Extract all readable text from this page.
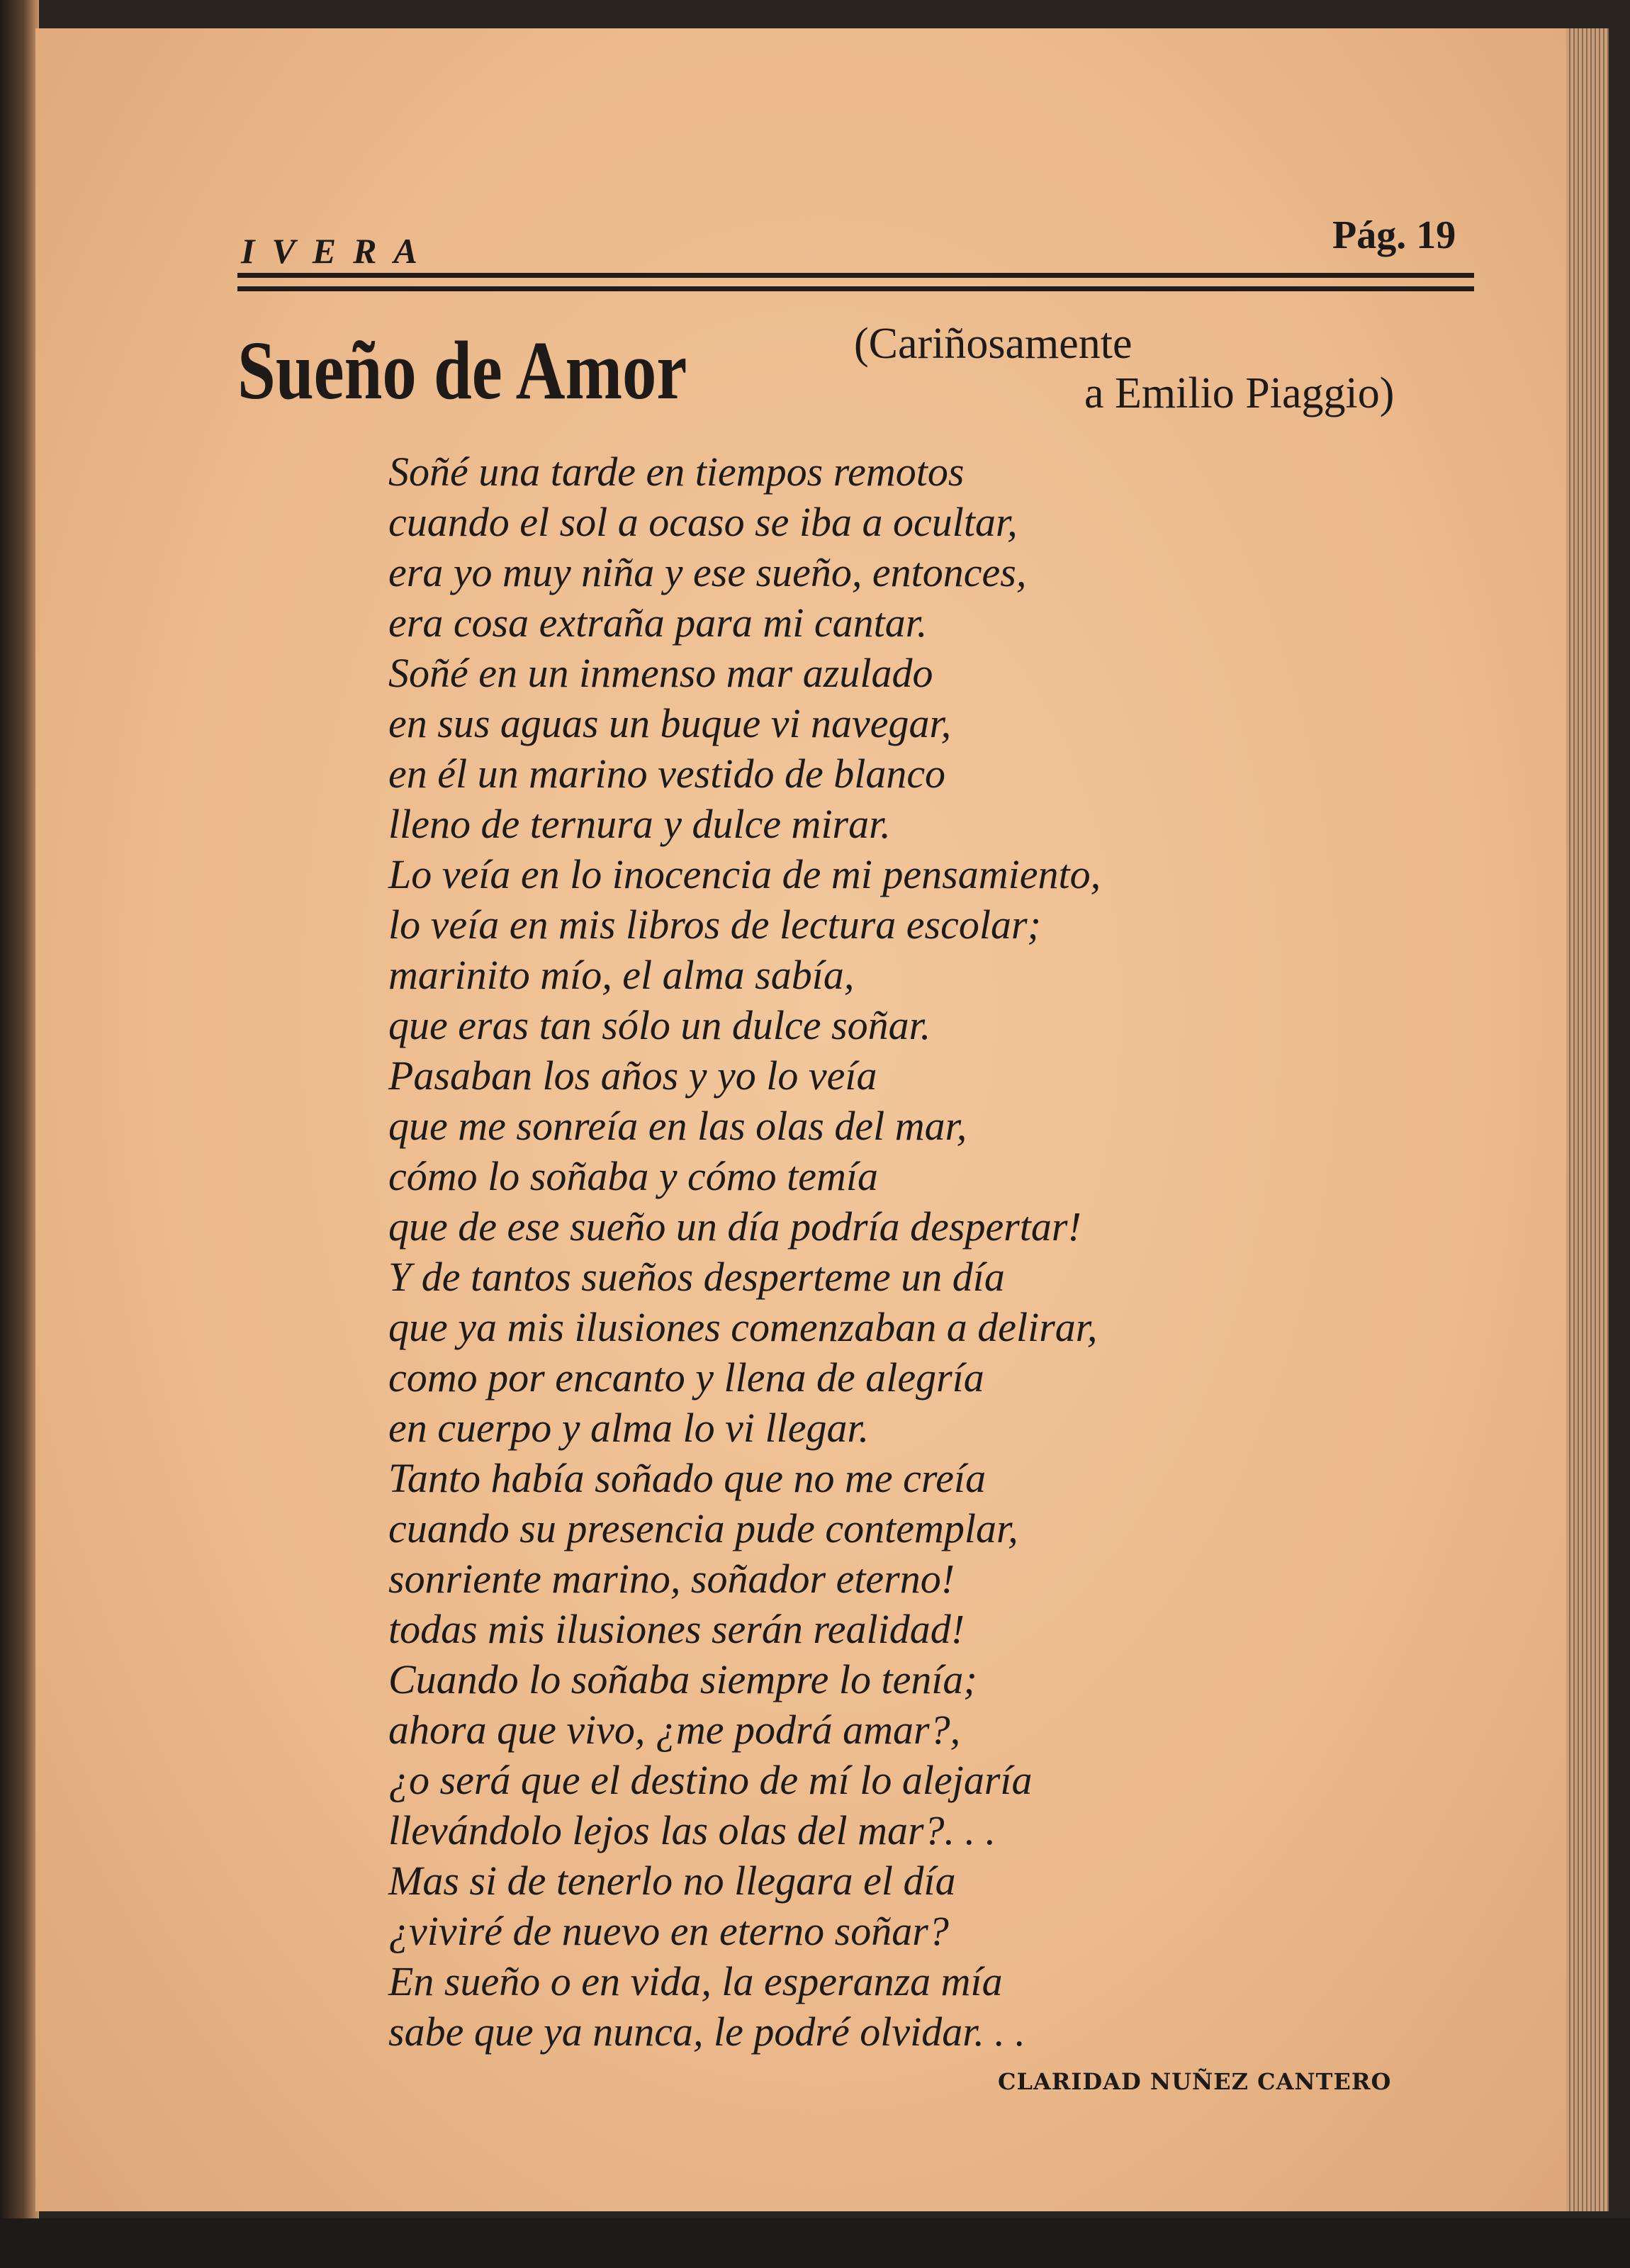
IVERA	Pág. 19
Sueño de Amor	(Cariñosamente
a Emilio Piaggio)
Soñé una tarde en tiempos remotos
cuando el sol a ocaso se iba a ocultar,
era yo muy niña y ese sueño, entonces,
era cosa extraña para mi cantar.
Soñé en un inmenso mar azulado
en sus aguas un buque vi navegar,
en él un marino vestido de blanco
lleno de ternura y dulce mirar.
Lo veía en lo inocencia de mi pensamiento,
lo veía en mis libros de lectura escolar;
marinito mío, el alma sabía,
que eras tan sólo un dulce soñar.
Pasaban los años y yo lo veía
que me sonreía en las olas del mar,
cómo lo soñaba y cómo temía
que de ese sueño un día podría despertar!
Y de tantos sueños desperteme un día
que ya mis ilusiones comenzaban a delirar,
como por encanto y llena de alegría
en cuerpo y alma lo vi llegar.
Tanto había soñado que no me creía
cuando su presencia pude contemplar,
sonriente marino, soñador eterno!
todas mis ilusiones serán realidad!
Cuando lo soñaba siempre lo tenía;
ahora que vivo, ¿me podrá amar?,
¿o será que el destino de mí lo alejaría
llevándolo lejos las olas del mar?. . .
Mas si de tenerlo no llegara el día
¿viviré de nuevo en eterno soñar?
En sueño o en vida, la esperanza mía
sabe que ya nunca, le podré olvidar. . .
CLARIDAD NUÑEZ CANTERO
